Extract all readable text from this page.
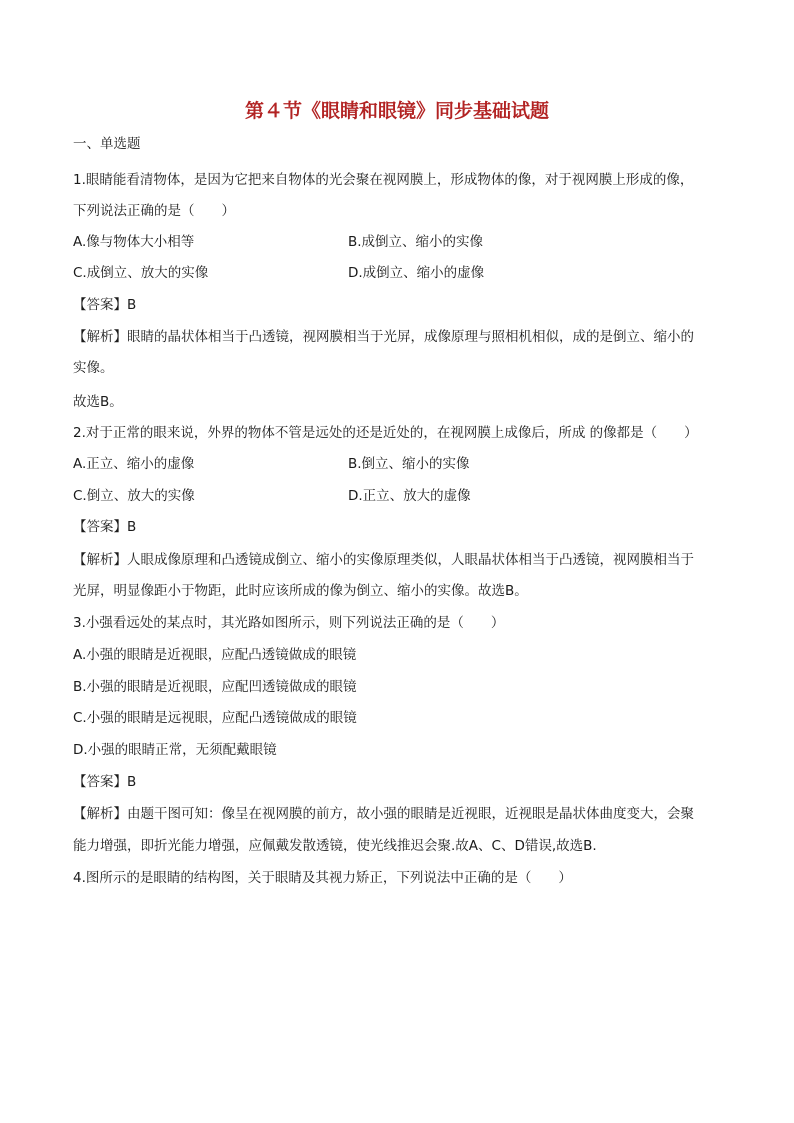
第４节《眼睛和眼镜》同步基础试题
一、单选题
1.眼睛能看清物体，是因为它把来自物体的光会聚在视网膜上，形成物体的像，对于视网膜上形成的像，
下列说法正确的是（　　）
A.像与物体大小相等	B.成倒立、缩小的实像
C.成倒立、放大的实像	D.成倒立、缩小的虚像
【答案】B
【解析】眼睛的晶状体相当于凸透镜，视网膜相当于光屏，成像原理与照相机相似，成的是倒立、缩小的
实像。
故选B。
2.对于正常的眼来说，外界的物体不管是远处的还是近处的，在视网膜上成像后，所成 的像都是（　　）
A.正立、缩小的虚像	B.倒立、缩小的实像
C.倒立、放大的实像	D.正立、放大的虚像
【答案】B
【解析】人眼成像原理和凸透镜成倒立、缩小的实像原理类似，人眼晶状体相当于凸透镜，视网膜相当于
光屏，明显像距小于物距，此时应该所成的像为倒立、缩小的实像。故选B。
3.小强看远处的某点时，其光路如图所示，则下列说法正确的是（　　）
A.小强的眼睛是近视眼，应配凸透镜做成的眼镜
B.小强的眼睛是近视眼，应配凹透镜做成的眼镜
C.小强的眼睛是远视眼，应配凸透镜做成的眼镜
D.小强的眼睛正常，无须配戴眼镜
【答案】B
【解析】由题干图可知：像呈在视网膜的前方，故小强的眼睛是近视眼，近视眼是晶状体曲度变大，会聚
能力增强，即折光能力增强，应佩戴发散透镜，使光线推迟会聚.故A、C、D错误,故选B.
4.图所示的是眼睛的结构图，关于眼睛及其视力矫正，下列说法中正确的是（　　）
